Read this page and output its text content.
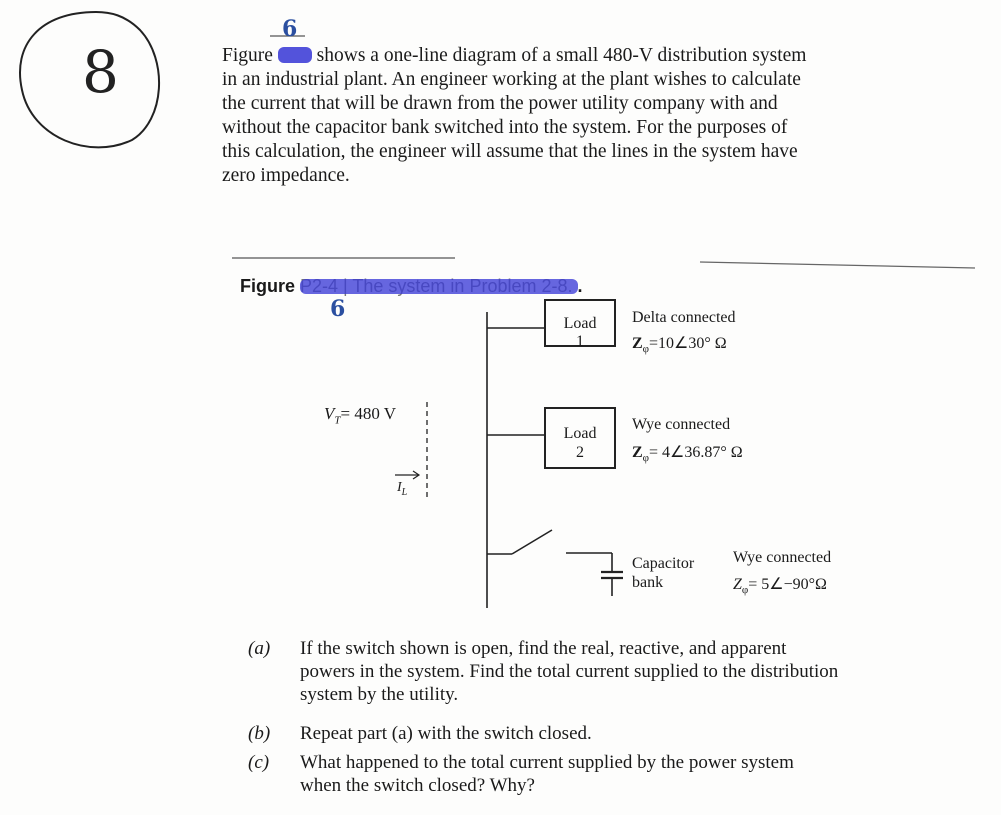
8	Figure shows a one-line diagram of a small 480-V distribution system
in an industrial plant. An engineer working at the plant wishes to calculate
the current that will be drawn from the power utility company with and
without the capacitor bank switched into the system. For the purposes of
this calculation, the engineer will assume that the lines in the system have
zero impedance.
6
Figure	.
6
$V_T= 480$ V
$I_L$
Load
1
Delta connected
$Z_\varphi=10\angle 30^\circ$ Ω
Load
2
Wye connected
$Z_\varphi=$ 4∠36.87° Ω
Capacitor
bank
Wye connected
$Z_\varphi=$ 5∠−90°Ω
(a) If the switch shown is open, find the real, reactive, and apparent
powers in the system. Find the total current supplied to the distribution
system by the utility.
(b) Repeat part (a) with the switch closed.
(c) What happened to the total current supplied by the power system
when the switch closed? Why?
